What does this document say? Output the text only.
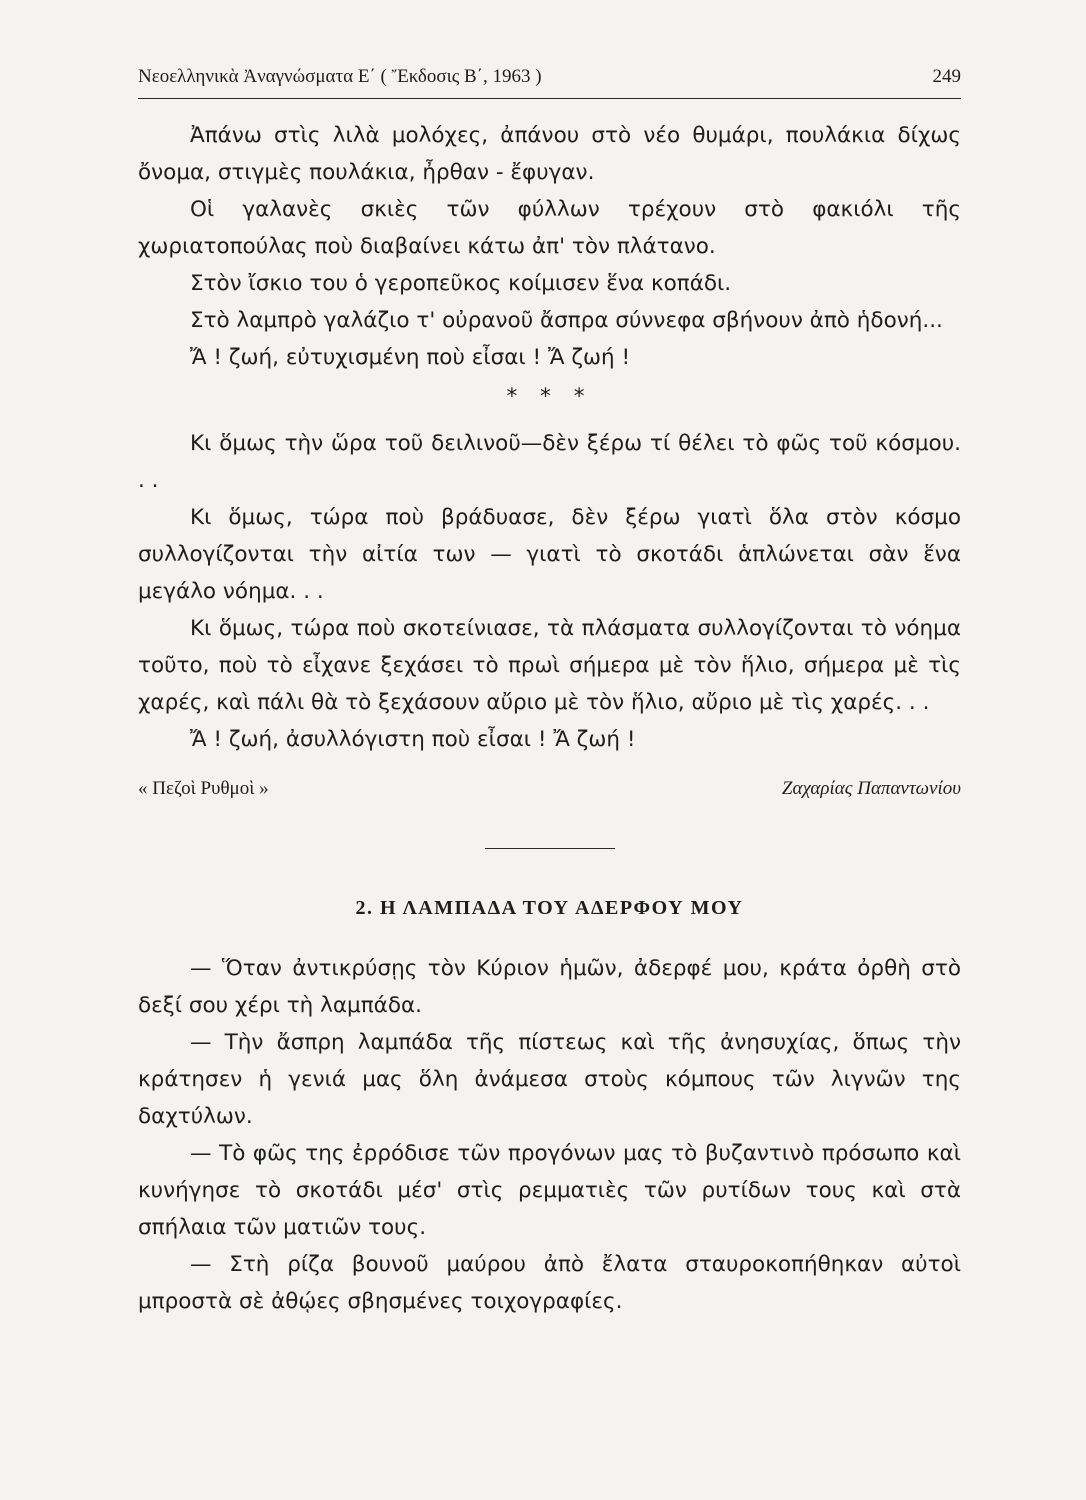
Νεοελληνικὰ Ἀναγνώσματα Ε΄ ( Ἔκδοσις Β΄, 1963 )	249

Ἀπάνω στὶς λιλὰ μολόχες, ἀπάνου στὸ νέο θυμάρι, πουλάκια δίχως ὄνομα, στιγμὲς πουλάκια, ἦρθαν - ἔφυγαν.

Οἱ γαλανὲς σκιὲς τῶν φύλλων τρέχουν στὸ φακιόλι τῆς χωριατοπούλας ποὺ διαβαίνει κάτω ἀπ' τὸν πλάτανο.

Στὸν ἴσκιο του ὁ γεροπεῦκος κοίμισεν ἕνα κοπάδι.

Στὸ λαμπρὸ γαλάζιο τ' οὐρανοῦ ἄσπρα σύννεφα σβήνουν ἀπὸ ἡδονή...

Ἄ ! ζωή, εὐτυχισμένη ποὺ εἶσαι ! Ἄ ζωή !

* * *

Κι ὅμως τὴν ὥρα τοῦ δειλινοῦ—δὲν ξέρω τί θέλει τὸ φῶς τοῦ κόσμου. . .

Κι ὅμως, τώρα ποὺ βράδυασε, δὲν ξέρω γιατὶ ὅλα στὸν κόσμο συλλογίζονται τὴν αἰτία των — γιατὶ τὸ σκοτάδι ἁπλώνεται σὰν ἕνα μεγάλο νόημα. . .

Κι ὅμως, τώρα ποὺ σκοτείνιασε, τὰ πλάσματα συλλογίζονται τὸ νόημα τοῦτο, ποὺ τὸ εἶχανε ξεχάσει τὸ πρωὶ σήμερα μὲ τὸν ἥλιο, σήμερα μὲ τὶς χαρές, καὶ πάλι θὰ τὸ ξεχάσουν αὔριο μὲ τὸν ἥλιο, αὔριο μὲ τὶς χαρές. . .

Ἄ ! ζωή, ἀσυλλόγιστη ποὺ εἶσαι ! Ἄ ζωή !

« Πεζοὶ Ρυθμοὶ »	Ζαχαρίας Παπαντωνίου
2. Η ΛΑΜΠΑΔΑ ΤΟΥ ΑΔΕΡΦΟΥ ΜΟΥ

— Ὅταν ἀντικρύσῃς τὸν Κύριον ἡμῶν, ἀδερφέ μου, κράτα ὀρθὴ στὸ δεξί σου χέρι τὴ λαμπάδα.

— Τὴν ἄσπρη λαμπάδα τῆς πίστεως καὶ τῆς ἀνησυχίας, ὅπως τὴν κράτησεν ἡ γενιά μας ὅλη ἀνάμεσα στοὺς κόμπους τῶν λιγνῶν της δαχτύλων.

— Τὸ φῶς της ἐρρόδισε τῶν προγόνων μας τὸ βυζαντινὸ πρόσωπο καὶ κυνήγησε τὸ σκοτάδι μέσ' στὶς ρεμματιὲς τῶν ρυτίδων τους καὶ στὰ σπήλαια τῶν ματιῶν τους.

— Στὴ ρίζα βουνοῦ μαύρου ἀπὸ ἔλατα σταυροκοπήθηκαν αὐτοὶ μπροστὰ σὲ ἀθῴες σβησμένες τοιχογραφίες.
